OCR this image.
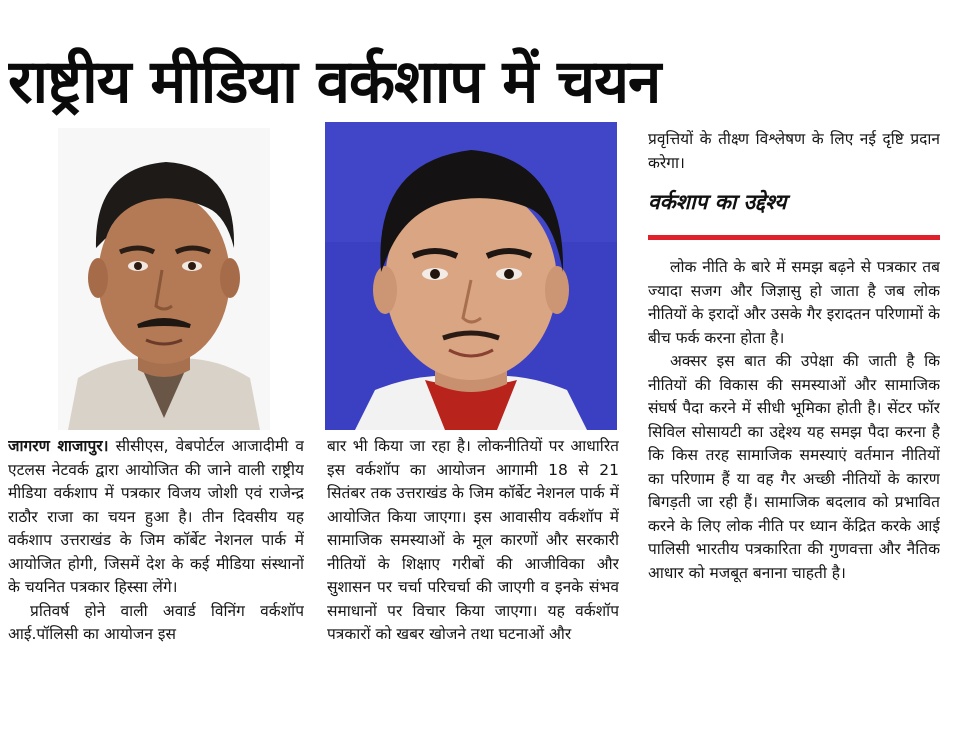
राष्ट्रीय मीडिया वर्कशाप में चयन

जागरण शाजापुर। सीसीएस, वेबपोर्टल आजादीमी व एटलस नेटवर्क द्वारा आयोजित की जाने वाली राष्ट्रीय मीडिया वर्कशाप में पत्रकार विजय जोशी एवं राजेन्द्र राठौर राजा का चयन हुआ है। तीन दिवसीय यह वर्कशाप उत्तराखंड के जिम कॉर्बेट नेशनल पार्क में आयोजित होगी, जिसमें देश के कई मीडिया संस्थानों के चयनित पत्रकार हिस्सा लेंगे।

प्रतिवर्ष होने वाली अवार्ड विनिंग वर्कशॉप आई.पॉलिसी का आयोजन इस

बार भी किया जा रहा है। लोकनीतियों पर आधारित इस वर्कशॉप का आयोजन आगामी 18 से 21 सितंबर तक उत्तराखंड के जिम कॉर्बेट नेशनल पार्क में आयोजित किया जाएगा। इस आवासीय वर्कशॉप में सामाजिक समस्याओं के मूल कारणों और सरकारी नीतियों के शिक्षाए गरीबों की आजीविका और सुशासन पर चर्चा परिचर्चा की जाएगी व इनके संभव समाधानों पर विचार किया जाएगा। यह वर्कशॉप पत्रकारों को खबर खोजने तथा घटनाओं और

प्रवृत्तियों के तीक्ष्ण विश्लेषण के लिए नई दृष्टि प्रदान करेगा।

वर्कशाप का उद्देश्य

लोक नीति के बारे में समझ बढ़ने से पत्रकार तब ज्यादा सजग और जिज्ञासु हो जाता है जब लोक नीतियों के इरादों और उसके गैर इरादतन परिणामों के बीच फर्क करना होता है।

अक्सर इस बात की उपेक्षा की जाती है कि नीतियों की विकास की समस्याओं और सामाजिक संघर्ष पैदा करने में सीधी भूमिका होती है। सेंटर फॉर सिविल सोसायटी का उद्देश्य यह समझ पैदा करना है कि किस तरह सामाजिक समस्याएं वर्तमान नीतियों का परिणाम हैं या वह गैर अच्छी नीतियों के कारण बिगड़ती जा रही हैं। सामाजिक बदलाव को प्रभावित करने के लिए लोक नीति पर ध्यान केंद्रित करके आई पालिसी भारतीय पत्रकारिता की गुणवत्ता और नैतिक आधार को मजबूत बनाना चाहती है।
